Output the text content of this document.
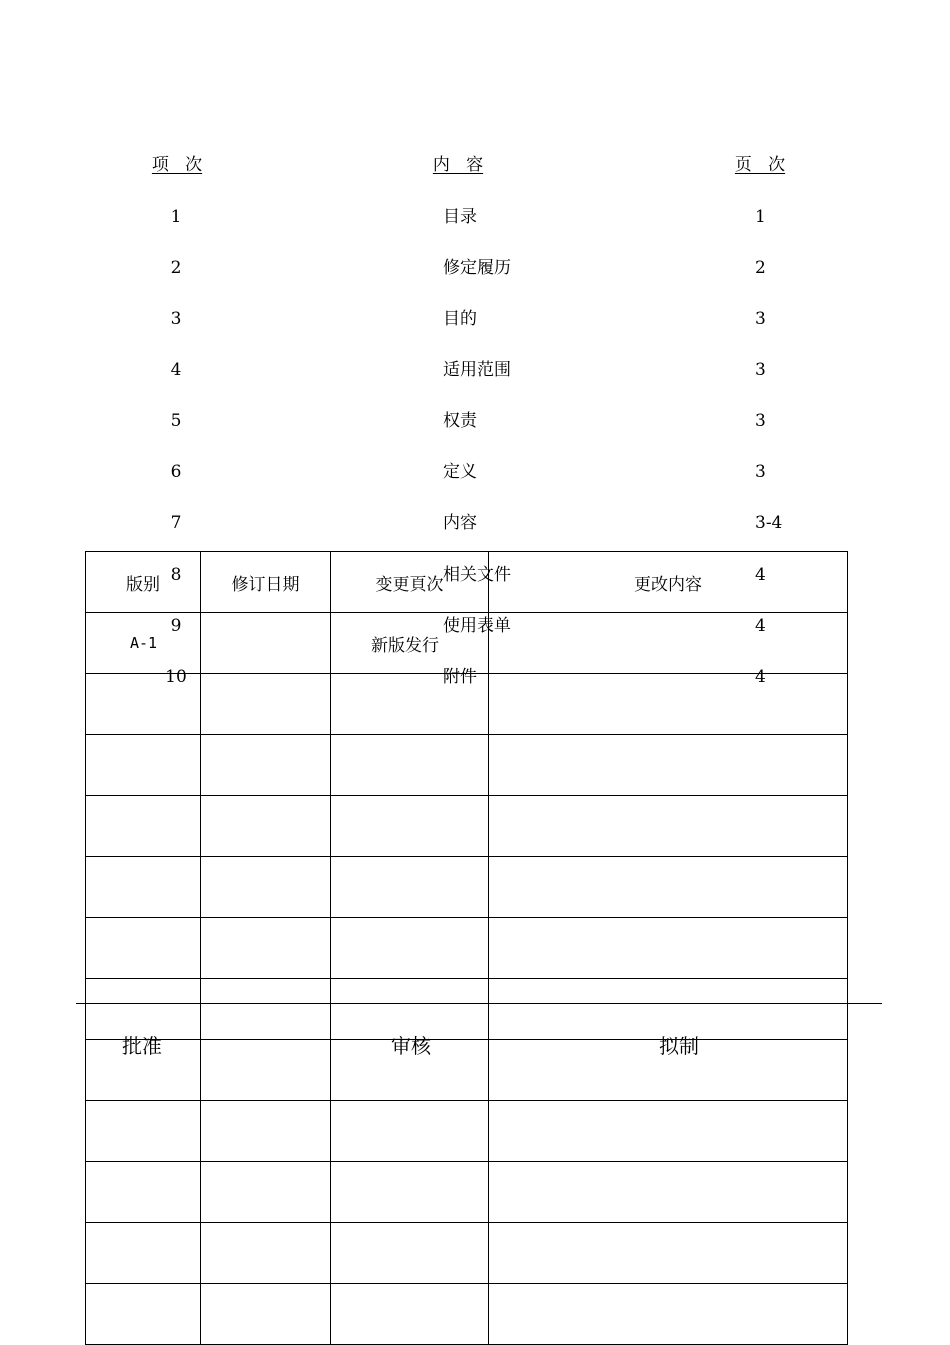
版别	修订日期	变更頁次	更改内容
A-1		新版发行	

项   次	内   容	页   次
1	目录	1
2	修定履历	2
3	目的	3
4	适用范围	3
5	权责	3
6	定义	3
7	内容	3-4
8	相关文件	4
9	使用表单	4
10	附件	4
批准	审核	拟制
